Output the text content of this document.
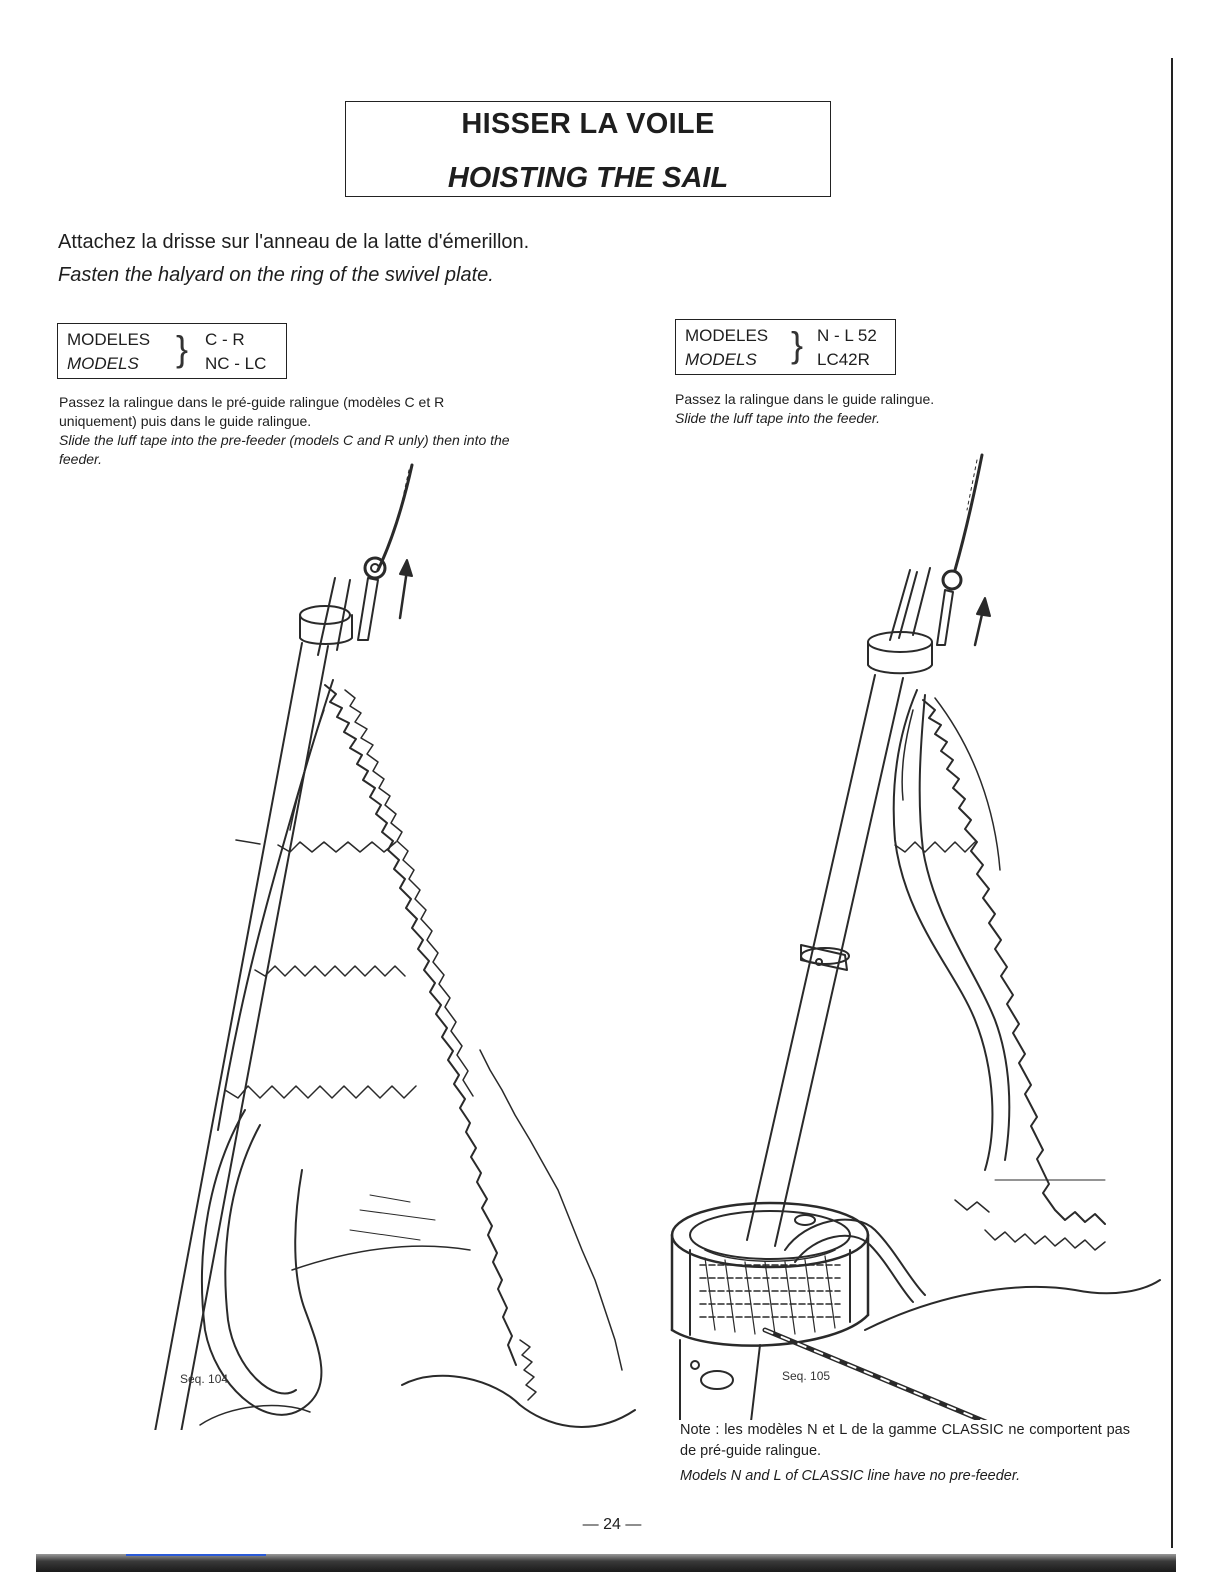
HISSER LA VOILE
HOISTING THE SAIL
Attachez la drisse sur l'anneau de la latte d'émerillon.
Fasten the halyard on the ring of the swivel plate.
MODELES
MODELS } C - R
NC - LC
MODELES
MODELS } N - L 52
LC42R
Passez la ralingue dans le pré-guide ralingue (modèles C et R uniquement) puis dans le guide ralingue.
Slide the luff tape into the pre-feeder (models C and R unly) then into the feeder.
Passez la ralingue dans le guide ralingue.
Slide the luff tape into the feeder.
Seq. 104	Seq. 105
Note : les modèles N et L de la gamme CLASSIC ne comportent pas de pré-guide ralingue.
Models N and L of CLASSIC line have no pre-feeder.
— 24 —
